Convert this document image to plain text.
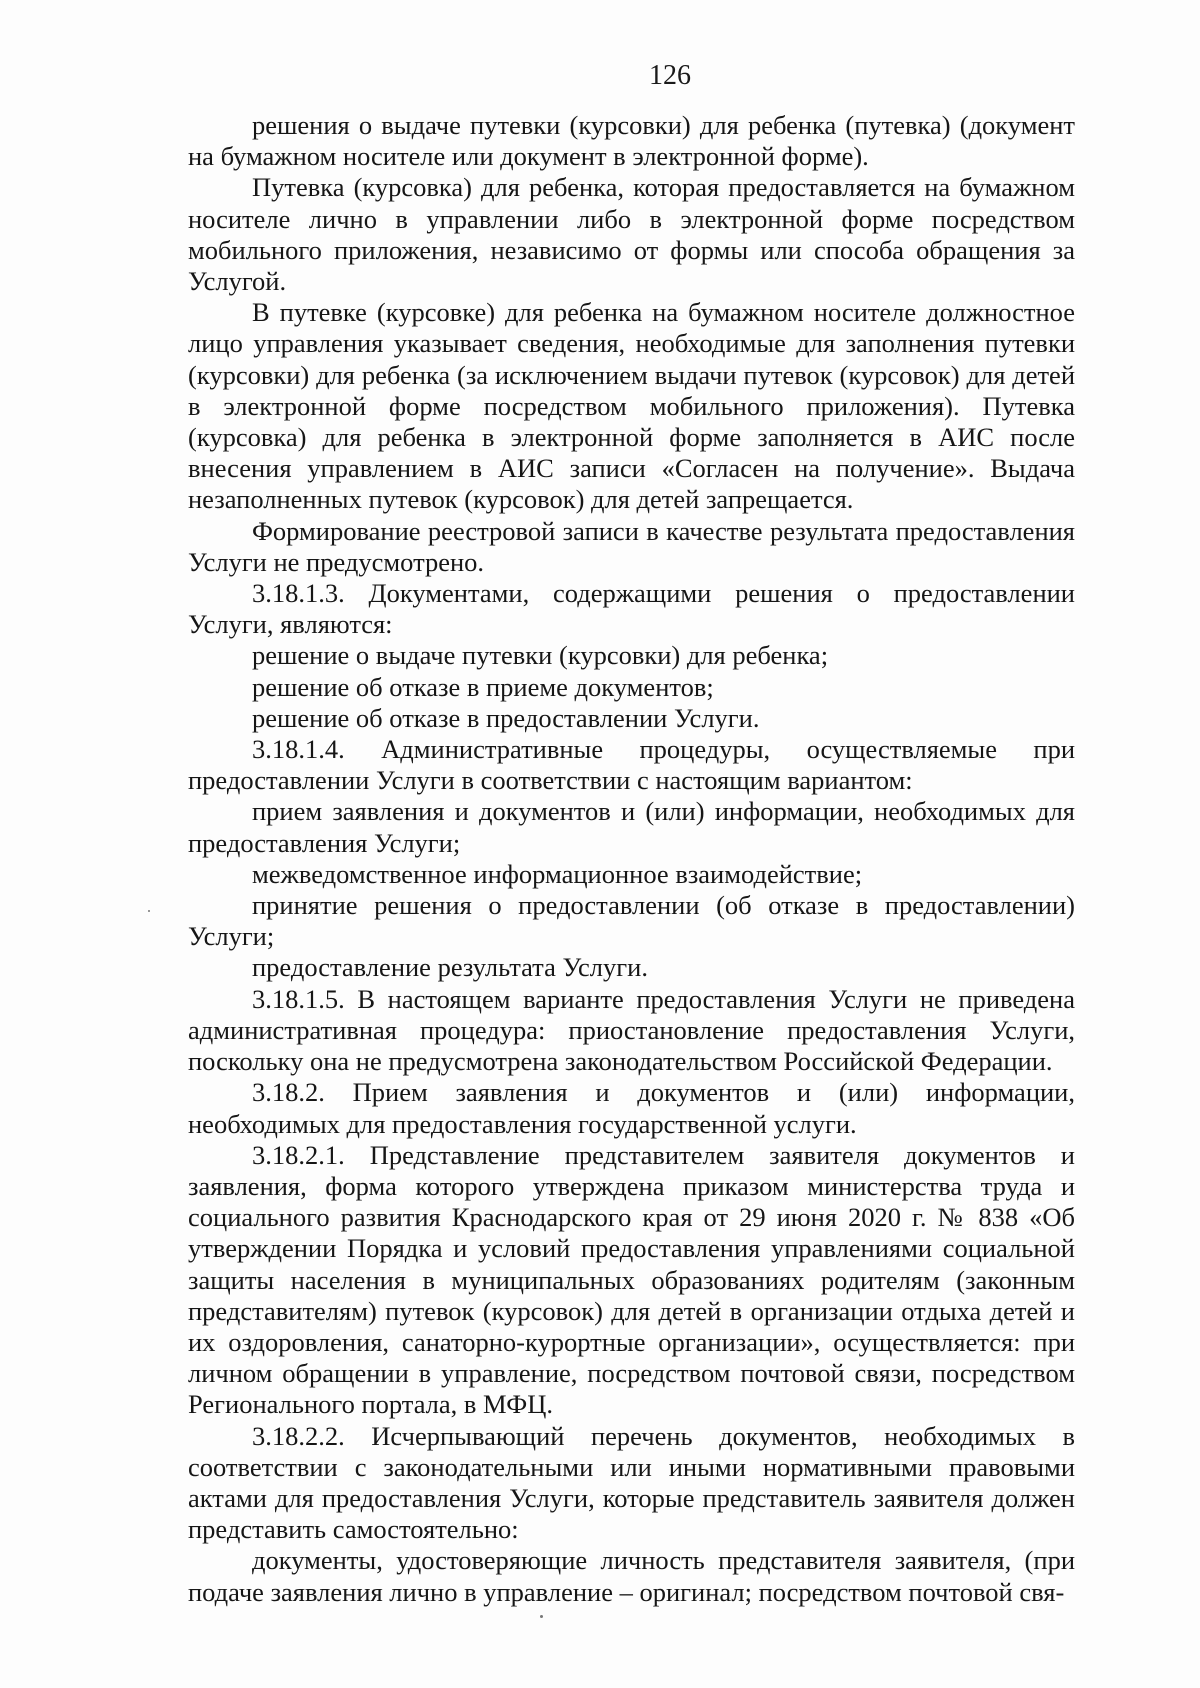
126

решения о выдаче путевки (курсовки) для ребенка (путевка) (документ на бумажном носителе или документ в электронной форме).

Путевка (курсовка) для ребенка, которая предоставляется на бумажном носителе лично в управлении либо в электронной форме посредством мобильного приложения, независимо от формы или способа обращения за Услугой.

В путевке (курсовке) для ребенка на бумажном носителе должностное лицо управления указывает сведения, необходимые для заполнения путевки (курсовки) для ребенка (за исключением выдачи путевок (курсовок) для детей в электронной форме посредством мобильного приложения). Путевка (курсовка) для ребенка в электронной форме заполняется в АИС после внесения управлением в АИС записи «Согласен на получение». Выдача незаполненных путевок (курсовок) для детей запрещается.

Формирование реестровой записи в качестве результата предоставления Услуги не предусмотрено.

3.18.1.3. Документами, содержащими решения о предоставлении Услуги, являются:

решение о выдаче путевки (курсовки) для ребенка;

решение об отказе в приеме документов;

решение об отказе в предоставлении Услуги.

3.18.1.4. Административные процедуры, осуществляемые при предоставлении Услуги в соответствии с настоящим вариантом:

прием заявления и документов и (или) информации, необходимых для предоставления Услуги;

межведомственное информационное взаимодействие;

принятие решения о предоставлении (об отказе в предоставлении) Услуги;

предоставление результата Услуги.

3.18.1.5. В настоящем варианте предоставления Услуги не приведена административная процедура: приостановление предоставления Услуги, поскольку она не предусмотрена законодательством Российской Федерации.

3.18.2. Прием заявления и документов и (или) информации, необходимых для предоставления государственной услуги.

3.18.2.1. Представление представителем заявителя документов и заявления, форма которого утверждена приказом министерства труда и социального развития Краснодарского края от 29 июня 2020 г. № 838 «Об утверждении Порядка и условий предоставления управлениями социальной защиты населения в муниципальных образованиях родителям (законным представителям) путевок (курсовок) для детей в организации отдыха детей и их оздоровления, санаторно-курортные организации», осуществляется: при личном обращении в управление, посредством почтовой связи, посредством Регионального портала, в МФЦ.

3.18.2.2. Исчерпывающий перечень документов, необходимых в соответствии с законодательными или иными нормативными правовыми актами для предоставления Услуги, которые представитель заявителя должен представить самостоятельно:

документы, удостоверяющие личность представителя заявителя, (при подаче заявления лично в управление – оригинал; посредством почтовой свя-
